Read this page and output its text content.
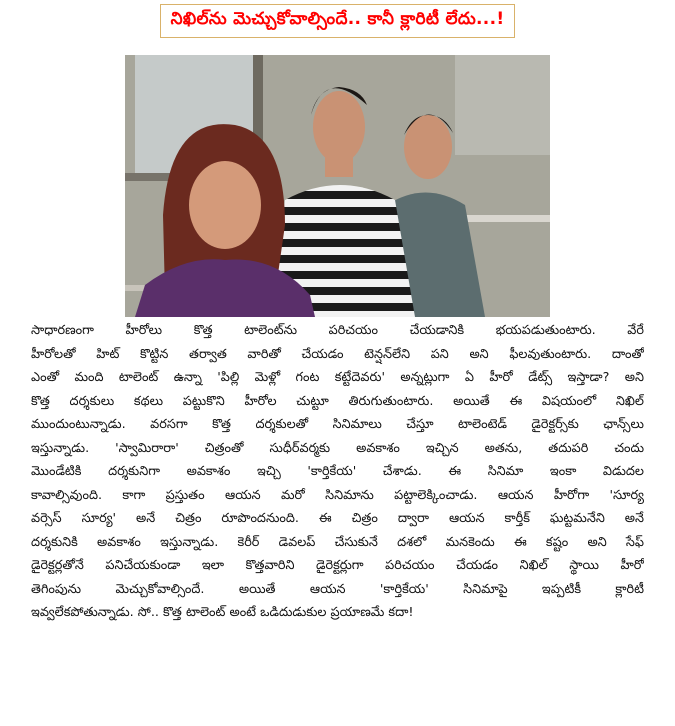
నిఖిల్‌ను మెచ్చుకోవాల్సిందే.. కానీ క్లారిటీ లేదు...!
సాధారణంగా హీరోలు కొత్త టాలెంట్‌ను పరిచయం చేయడానికి భయపడుతుంటారు. వేరే
హీరోలతో హిట్ కొట్టిన తర్వాత వారితో చేయడం టెన్షన్‌లేని పని అని ఫీలవుతుంటారు. దాంతో
ఎంతో మంది టాలెంట్ ఉన్నా 'పిల్లి మెళ్లో గంట కట్టేదెవరు' అన్నట్లుగా ఏ హీరో డేట్స్ ఇస్తాడా? అని
కొత్త దర్శకులు కథలు పట్టుకొని హీరోల చుట్టూ తిరుగుతుంటారు. అయితే ఈ విషయంలో నిఖిల్
ముందుంటున్నాడు. వరసగా కొత్త దర్శకులతో సినిమాలు చేస్తూ టాలెంటెడ్ డైరెక్టర్స్‌కు ఛాన్స్‌లు
ఇస్తున్నాడు. 'స్వామిరారా' చిత్రంతో సుధీర్‌వర్మకు అవకాశం ఇచ్చిన అతను, తదుపరి చందు
మొండేటికి దర్శకునిగా అవకాశం ఇచ్చి 'కార్తికేయ' చేశాడు. ఈ సినిమా ఇంకా విడుదల
కావాల్సివుంది. కాగా ప్రస్తుతం ఆయన మరో సినిమాను పట్టాలెక్కించాడు. ఆయన హీరోగా 'సూర్య
వర్సెస్ సూర్య' అనే చిత్రం రూపొందనుంది. ఈ చిత్రం ద్వారా ఆయన కార్తీక్ ఘట్టమనేని అనే
దర్శకునికి అవకాశం ఇస్తున్నాడు. కెరీర్ డెవలప్ చేసుకునే దశలో మనకెందు ఈ కష్టం అని సేఫ్
డైరెక్టర్లతోనే పనిచేయకుండా ఇలా కొత్తవారిని డైరెక్టర్లుగా పరిచయం చేయడం నిఖిల్ స్థాయి హీరో
తెగింపును మెచ్చుకోవాల్సిందే. అయితే ఆయన 'కార్తికేయ' సినిమాపై ఇప్పటికీ క్లారిటీ
ఇవ్వలేకపోతున్నాడు. సో.. కొత్త టాలెంట్ అంటే ఒడిదుడుకుల ప్రయాణమే కదా!
